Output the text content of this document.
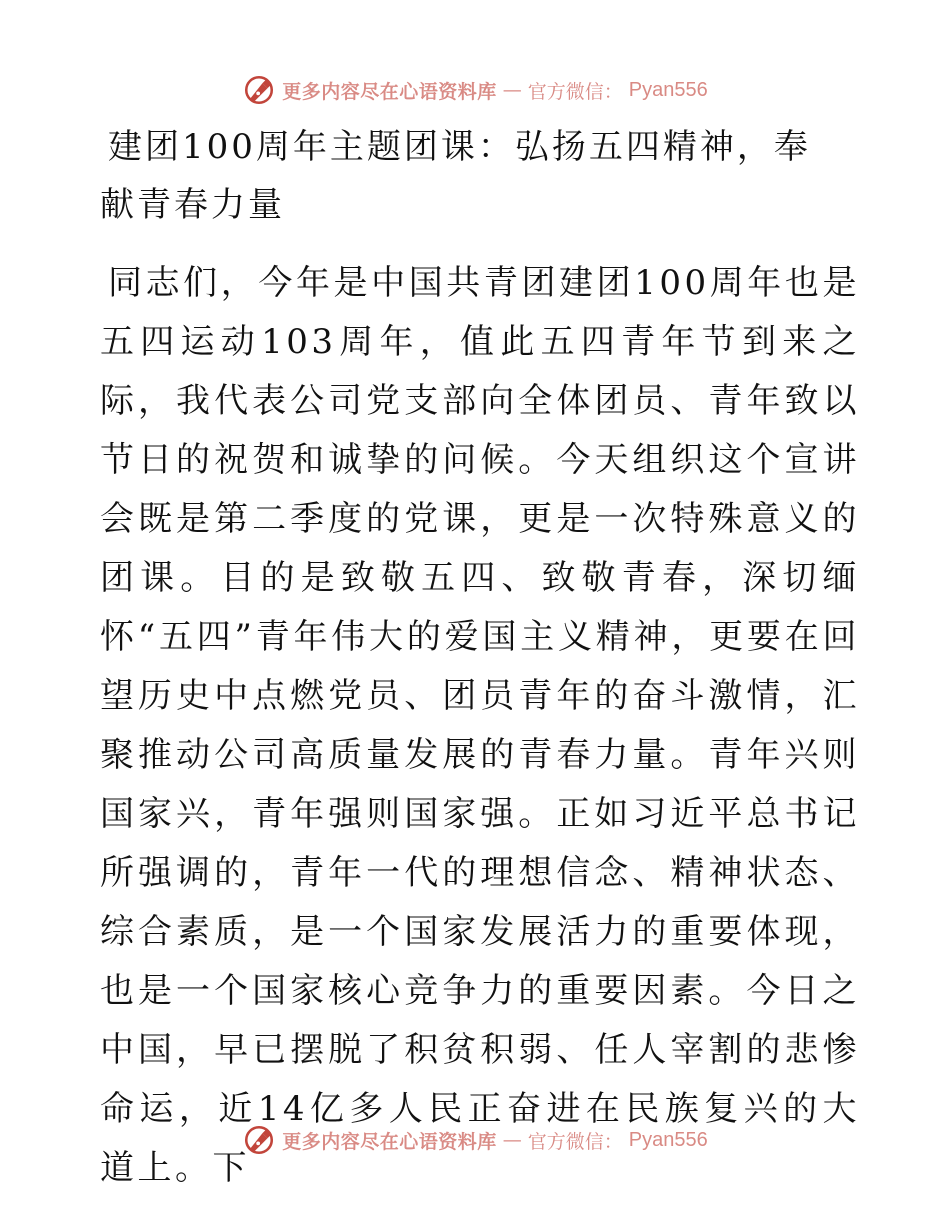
更多内容尽在心语资料库 — 官方微信： Pyan556
建团100周年主题团课：弘扬五四精神，奉献青春力量

同志们，今年是中国共青团建团100周年也是五四运动103周年，值此五四青年节到来之际，我代表公司党支部向全体团员、青年致以节日的祝贺和诚挚的问候。今天组织这个宣讲会既是第二季度的党课，更是一次特殊意义的团课。目的是致敬五四、致敬青春，深切缅怀“五四”青年伟大的爱国主义精神，更要在回望历史中点燃党员、团员青年的奋斗激情，汇聚推动公司高质量发展的青春力量。青年兴则国家兴，青年强则国家强。正如习近平总书记所强调的，青年一代的理想信念、精神状态、综合素质，是一个国家发展活力的重要体现，也是一个国家核心竞争力的重要因素。今日之中国，早已摆脱了积贫积弱、任人宰割的悲惨命运，近14亿多人民正奋进在民族复兴的大道上。下

更多内容尽在心语资料库 — 官方微信： Pyan556
